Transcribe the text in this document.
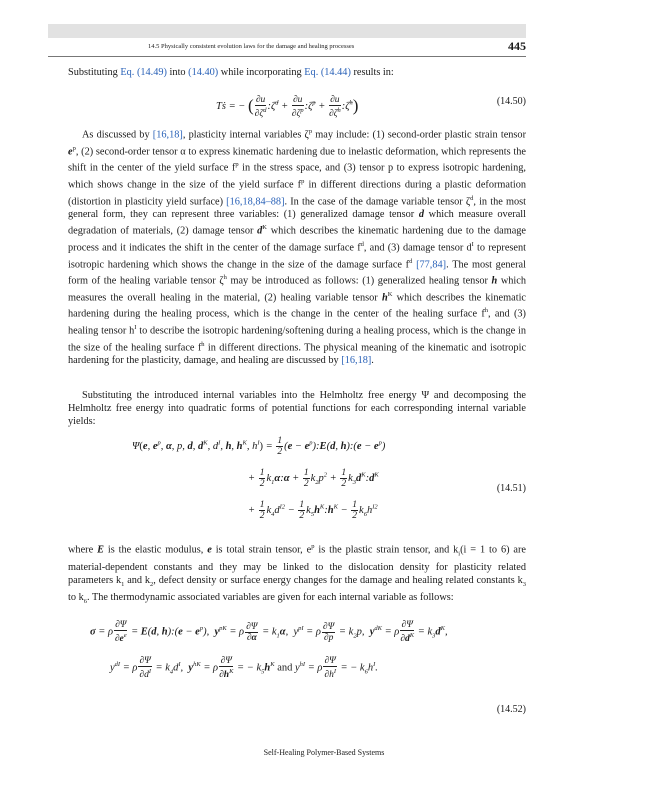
14.5 Physically consistent evolution laws for the damage and healing processes	445

Substituting Eq. (14.49) into (14.40) while incorporating Eq. (14.44) results in:

Tṡ = − ( $\frac{\partial u}{\partial\zeta^d}$ :ζ̇$^d$ + $\frac{\partial u}{\partial\zeta^p}$ :ζ̇$^p$ + $\frac{\partial u}{\partial\zeta^h}$ :ζ̇$^h$)	(14.50)

As discussed by [16,18], plasticity internal variables $\zeta^p$ may include: (1) second-order plastic strain tensor $e^p$, (2) second-order tensor α to express kinematic hardening due to inelastic deformation, which represents the shift in the center of the yield surface $f^p$ in the stress space, and (3) tensor p to express isotropic hardening, which shows change in the size of the yield surface $f^p$ in different directions during a plastic deformation (distortion in plasticity yield surface) [16,18,84–88]. In the case of the damage variable tensor $\zeta^d$, in the most general form, they can represent three variables: (1) generalized damage tensor d which measure overall degradation of materials, (2) damage tensor $d^K$ which describes the kinematic hardening due to the damage process and it indicates the shift in the center of the damage surface $f^d$, and (3) damage tensor $d^I$ to represent isotropic hardening which shows the change in the size of the damage surface $f^d$ [77,84]. The most general form of the healing variable tensor $\zeta^h$ may be introduced as follows: (1) generalized healing tensor h which measures the overall healing in the material, (2) healing variable tensor $h^K$ which describes the kinematic hardening during the healing process, which is the change in the center of the healing surface $f^h$, and (3) healing tensor $h^I$ to describe the isotropic hardening/softening during a healing process, which is the change in the size of the healing surface $f^h$ in different directions. The physical meaning of the kinematic and isotropic hardening for the plasticity, damage, and healing are discussed by [16,18].

Substituting the introduced internal variables into the Helmholtz free energy Ψ and decomposing the Helmholtz free energy into quadratic forms of potential functions for each corresponding internal variable yields:

Ψ(e, $e^p$, α, p, d, $d^K$, $d^I$, h, $h^K$, $h^I) = \frac{1}{2} (e$ − $e^p):E(d$, h):(e − $e^p$)
+ $\frac{1}{2}$ $k_1\alpha:\alpha + \frac{1}{2} k_2p^2 + \frac{1}{2}$ $k_3d^K:d^K$
+ $\frac{1}{2} k_4d^{I2} - \frac{1}{2}$ $k_5h^K:h^K - \frac{1}{2} k_6h^{I2}$
(14.51)

where E is the elastic modulus, e is total strain tensor, $e^p$ is the plastic strain tensor, and $k_i(i = 1$ to 6) are material-dependent constants and they may be linked to the dislocation density for plasticity related parameters $k_1$ and $k_2$, defect density or surface energy changes for the damage and healing related constants $k_3$ to $k_6$. The thermodynamic associated variables are given for each internal variable as follows:

σ = ρ $\frac{\partial\Psi}{\partial e^e} = E(d$, h):(e − $e^p$),  $y^{pK} = \rho \frac{\partial\Psi}{\partial\alpha} = k_1\alpha$,  $y^{pI} = \rho \frac{\partial\Psi}{\partial p} = k_2p$,  $y^{dK} = \rho \frac{\partial\Psi}{\partial d^K} = k_3d^K$,
$y^{dI} = \rho \frac{\partial\Psi}{\partial d^I} = k_4d^I$,  $y^{hK} = \rho \frac{\partial\Psi}{\partial h^K}$ = − $k_5h^K$ and $y^{hI} = \rho \frac{\partial\Psi}{\partial h^I}$ = − $k_6h^I$.
(14.52)
Self-Healing Polymer-Based Systems
